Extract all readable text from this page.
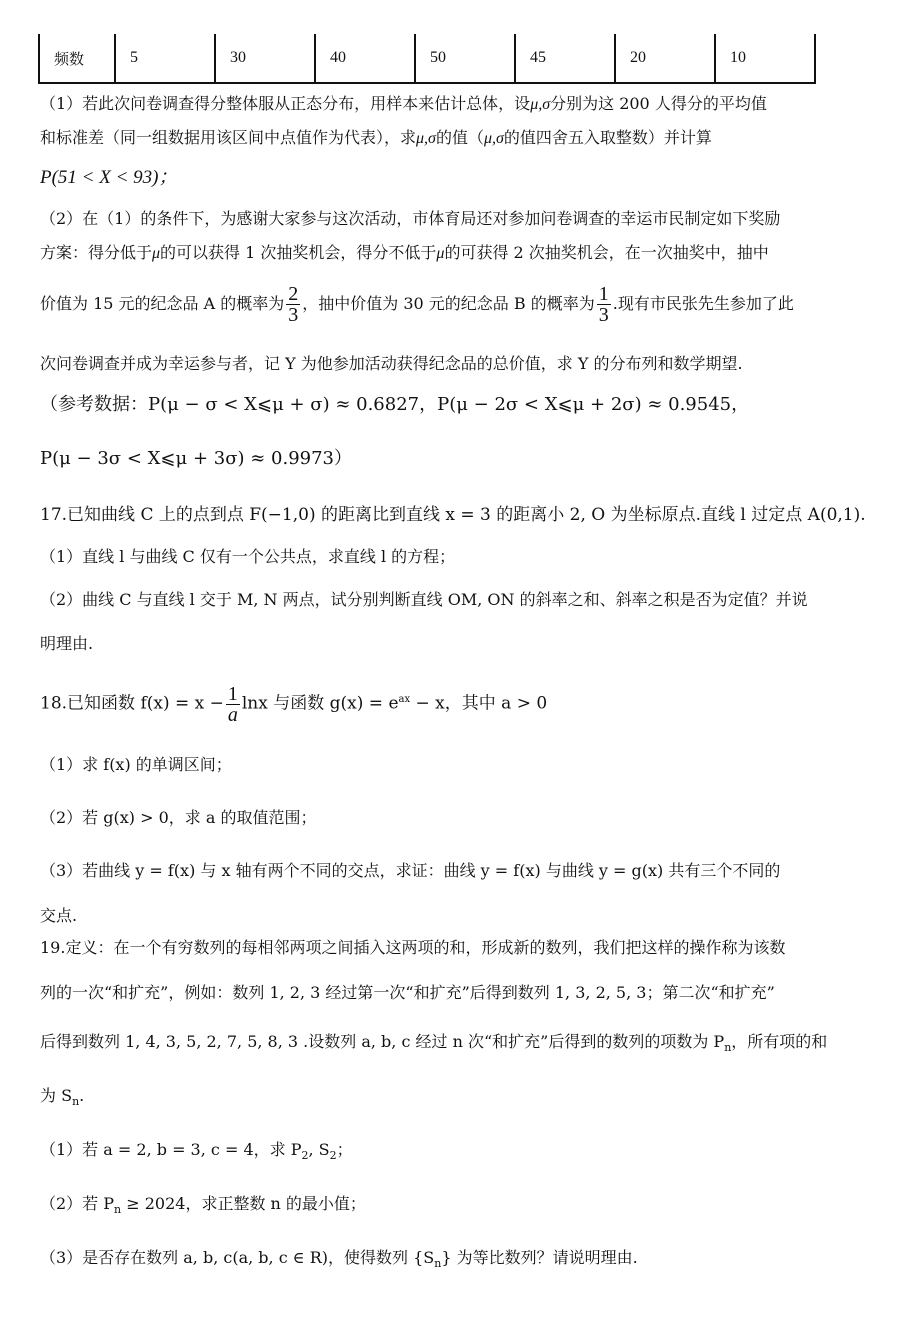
频数	5	30	40	50	45	20	10
（1）若此次问卷调查得分整体服从正态分布，用样本来估计总体，设μ,σ分别为这 200 人得分的平均值
和标准差（同一组数据用该区间中点值作为代表），求μ,σ的值（μ,σ的值四舍五入取整数）并计算
P(51 < X < 93)；
（2）在（1）的条件下，为感谢大家参与这次活动，市体育局还对参加问卷调查的幸运市民制定如下奖励
方案：得分低于μ的可以获得 1 次抽奖机会，得分不低于μ的可获得 2 次抽奖机会，在一次抽奖中，抽中
价值为 15 元的纪念品 A 的概率为 $\frac{2}{3}$ ，抽中价值为 30 元的纪念品 B 的概率为 $\frac{1}{3}$ .现有市民张先生参加了此
次问卷调查并成为幸运参与者，记 Y 为他参加活动获得纪念品的总价值，求 Y 的分布列和数学期望.
（参考数据：P(μ − σ < X⩽μ + σ) ≈ 0.6827，P(μ − 2σ < X⩽μ + 2σ) ≈ 0.9545，
P(μ − 3σ < X⩽μ + 3σ) ≈ 0.9973）
17.已知曲线 C 上的点到点 F(−1,0) 的距离比到直线 x = 3 的距离小 2, O 为坐标原点.直线 l 过定点 A(0,1).
（1）直线 l 与曲线 C 仅有一个公共点，求直线 l 的方程；
（2）曲线 C 与直线 l 交于 M, N 两点，试分别判断直线 OM, ON 的斜率之和、斜率之积是否为定值？并说
明理由.
18.已知函数 $f(x) = x - \frac{1}{a}$ lnx 与函数 $g(x) = e^{ax} - x$，其中 a > 0
（1）求 f(x) 的单调区间；
（2）若 g(x) > 0，求 a 的取值范围；
（3）若曲线 y = f(x) 与 x 轴有两个不同的交点，求证：曲线 y = f(x) 与曲线 y = g(x) 共有三个不同的
交点.
19.定义：在一个有穷数列的每相邻两项之间插入这两项的和，形成新的数列，我们把这样的操作称为该数
列的一次“和扩充”，例如：数列 1, 2, 3 经过第一次“和扩充”后得到数列 1, 3, 2, 5, 3；第二次“和扩充”
后得到数列 1, 4, 3, 5, 2, 7, 5, 8, 3 .设数列 a, b, c 经过 n 次“和扩充”后得到的数列的项数为 $P_n$，所有项的和
为 $S_n$.
（1）若 a = 2, b = 3, c = 4，求 $P_2$, $S_2$；
（2）若 $P_n \ge 2024$，求正整数 n 的最小值；
（3）是否存在数列 a, b, c(a, b, c ∈ R)，使得数列 $\{S_n\}$ 为等比数列？请说明理由.
